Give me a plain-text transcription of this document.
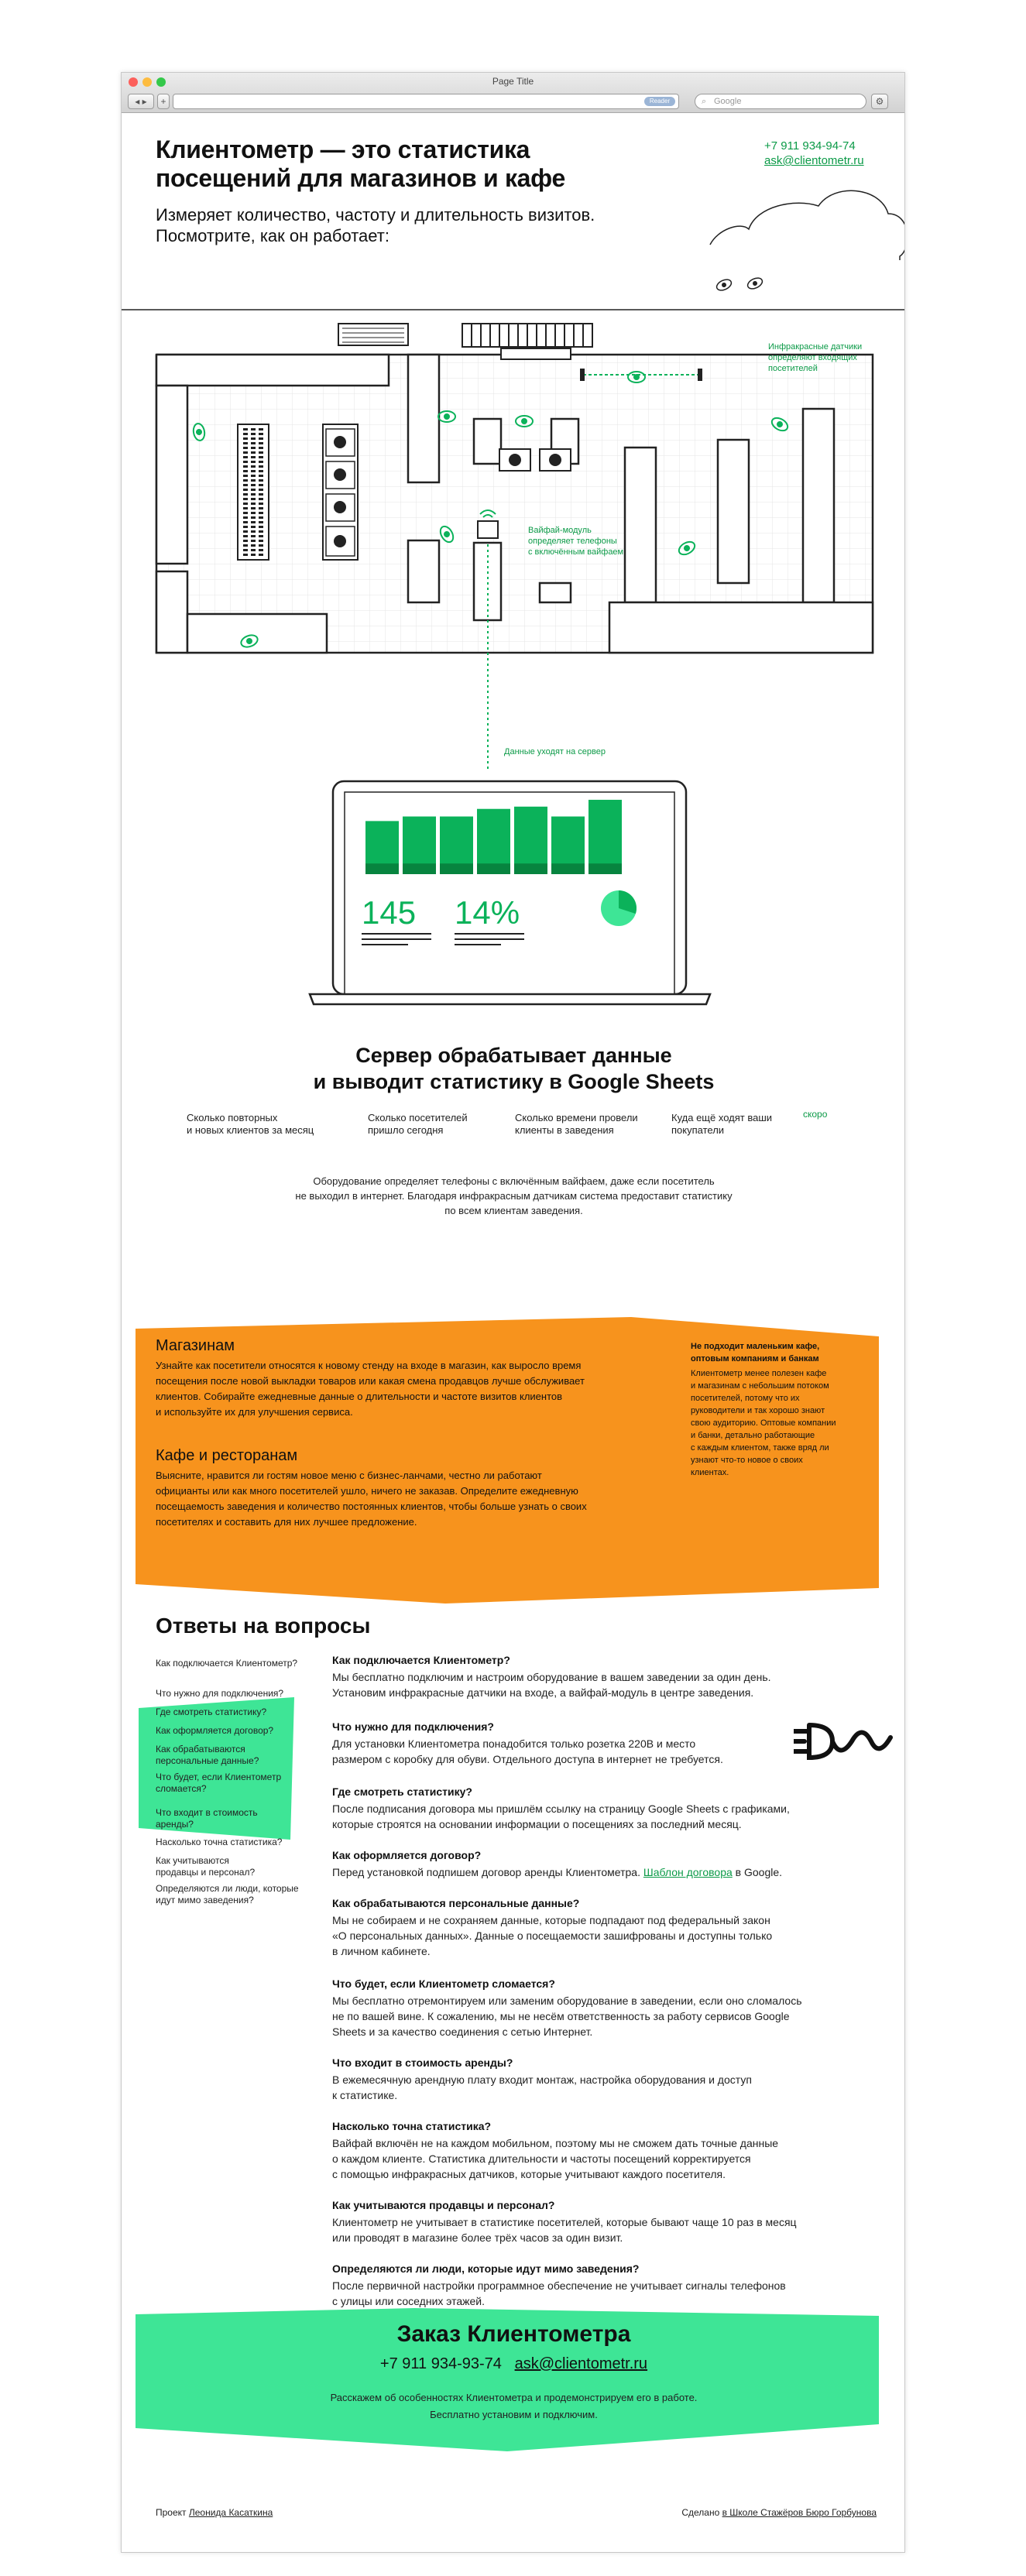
Page Title
◂ ▸	+	Reader	⌕ Google	⚙
Клиентометр — это статистика
посещений для магазинов и кафе
Измеряет количество, частоту и длительность визитов.
Посмотрите, как он работает:
+7 911 934-94-74
ask@clientometr.ru
Инфракрасные датчики
определяют входящих
посетителей
Вайфай-модуль
определяет телефоны
с включённым вайфаем
Данные уходят на сервер
145 14%
Сервер обрабатывает данные
и выводит статистику в Google Sheets
Сколько повторных
и новых клиентов за месяц
Сколько посетителей
пришло сегодня
Сколько времени провели
клиенты в заведения
Куда ещё ходят ваши
покупатели
скоро
Оборудование определяет телефоны с включённым вайфаем, даже если посетитель
не выходил в интернет. Благодаря инфракрасным датчикам система предоставит статистику
по всем клиентам заведения.
Магазинам
Узнайте как посетители относятся к новому стенду на входе в магазин, как выросло время
посещения после новой выкладки товаров или какая смена продавцов лучше обслуживает
клиентов. Собирайте ежедневные данные о длительности и частоте визитов клиентов
и используйте их для улучшения сервиса.
Кафе и ресторанам
Выясните, нравится ли гостям новое меню с бизнес-ланчами, честно ли работают
официанты или как много посетителей ушло, ничего не заказав. Определите ежедневную
посещаемость заведения и количество постоянных клиентов, чтобы больше узнать о своих
посетителях и составить для них лучшее предложение.
Не подходит маленьким кафе,
оптовым компаниям и банкам
Клиентометр менее полезен кафе
и магазинам с небольшим потоком
посетителей, потому что их
руководители и так хорошо знают
свою аудиторию. Оптовые компании
и банки, детально работающие
с каждым клиентом, также вряд ли
узнают что-то новое о своих
клиентах.
Ответы на вопросы
Как подключается Клиентометр?
Что нужно для подключения?
Где смотреть статистику?
Как оформляется договор?
Как обрабатываются персональные данные?
Что будет, если Клиентометр сломается?
Что входит в стоимость аренды?
Насколько точна статистика?
Как учитываются продавцы и персонал?
Определяются ли люди, которые идут мимо заведения?
Как подключается Клиентометр?

Мы бесплатно подключим и настроим оборудование в вашем заведении за один день.

Установим инфракрасные датчики на входе, а вайфай-модуль в центре заведения.

Что нужно для подключения?

Для установки Клиентометра понадобится только розетка 220В и место

размером с коробку для обуви. Отдельного доступа в интернет не требуется.

Где смотреть статистику?

После подписания договора мы пришлём ссылку на страницу Google Sheets с графиками,

которые строятся на основании информации о посещениях за последний месяц.

Как оформляется договор?

Перед установкой подпишем договор аренды Клиентометра. Шаблон договора в Google.

Как обрабатываются персональные данные?

Мы не собираем и не сохраняем данные, которые подпадают под федеральный закон

«О персональных данных». Данные о посещаемости зашифрованы и доступны только

в личном кабинете.

Что будет, если Клиентометр сломается?

Мы бесплатно отремонтируем или заменим оборудование в заведении, если оно сломалось

не по вашей вине. К сожалению, мы не несём ответственность за работу сервисов Google

Sheets и за качество соединения с сетью Интернет.

Что входит в стоимость аренды?

В ежемесячную арендную плату входит монтаж, настройка оборудования и доступ

к статистике.

Насколько точна статистика?

Вайфай включён не на каждом мобильном, поэтому мы не сможем дать точные данные

о каждом клиенте. Статистика длительности и частоты посещений корректируется

с помощью инфракрасных датчиков, которые учитывают каждого посетителя.

Как учитываются продавцы и персонал?

Клиентометр не учитывает в статистике посетителей, которые бывают чаще 10 раз в месяц

или проводят в магазине более трёх часов за один визит.

Определяются ли люди, которые идут мимо заведения?

После первичной настройки программное обеспечение не учитывает сигналы телефонов

с улицы или соседних этажей.

Заказ Клиентометра
+7 911 934-93-74 ask@clientometr.ru
Расскажем об особенностях Клиентометра и продемонстрируем его в работе.
Бесплатно установим и подключим.
Проект Леонида Касаткина	Сделано в Школе Стажёров Бюро Горбунова
